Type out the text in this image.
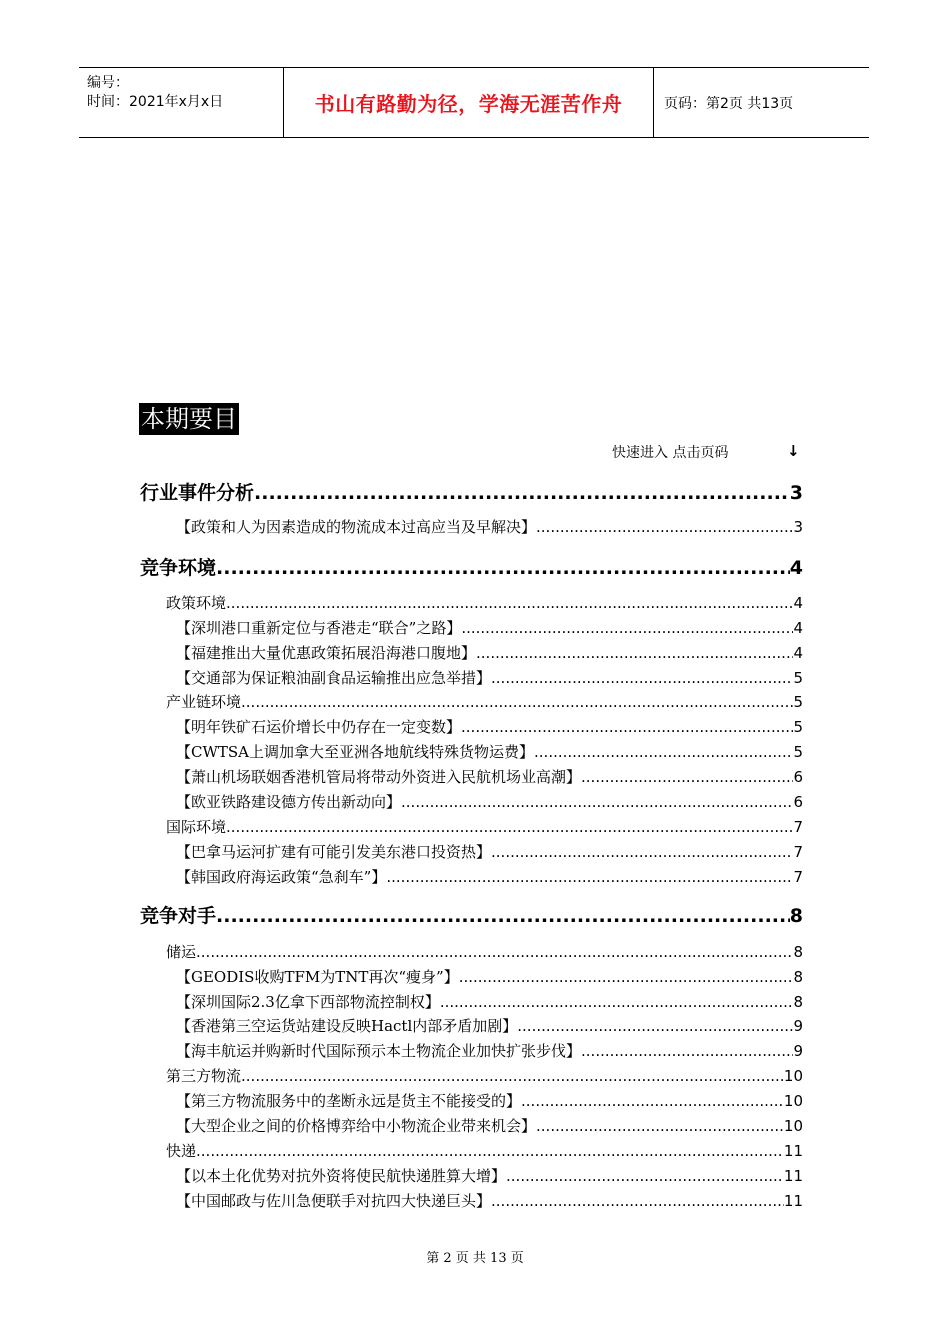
编号：
时间：2021年x月x日	书山有路勤为径，学海无涯苦作舟	页码：第2页 共13页
本期要目
快速进入 点击页码	↓
行业事件分析 .....	3
【政策和人为因素造成的物流成本过高应当及早解决】 .....	3
竞争环境 .....	4
政策环境 .....	4
【深圳港口重新定位与香港走“联合”之路】 .....	4
【福建推出大量优惠政策拓展沿海港口腹地】 .....	4
【交通部为保证粮油副食品运输推出应急举措】 .....	5
产业链环境 .....	5
【明年铁矿石运价增长中仍存在一定变数】 .....	5
【CWTSA上调加拿大至亚洲各地航线特殊货物运费】 .....	5
【萧山机场联姻香港机管局将带动外资进入民航机场业高潮】 .....	6
【欧亚铁路建设德方传出新动向】 .....	6
国际环境 .....	7
【巴拿马运河扩建有可能引发美东港口投资热】 .....	7
【韩国政府海运政策“急刹车”】 .....	7
竞争对手 .....	8
储运 .....	8
【GEODIS收购TFM为TNT再次“瘦身”】 .....	8
【深圳国际2.3亿拿下西部物流控制权】 .....	8
【香港第三空运货站建设反映Hactl内部矛盾加剧】 .....	9
【海丰航运并购新时代国际预示本土物流企业加快扩张步伐】 .....	9
第三方物流 .....	10
【第三方物流服务中的垄断永远是货主不能接受的】 .....	10
【大型企业之间的价格博弈给中小物流企业带来机会】 .....	10
快递 .....	11
【以本土化优势对抗外资将使民航快递胜算大增】 .....	11
【中国邮政与佐川急便联手对抗四大快递巨头】 .....	11
第 2 页 共 13 页
